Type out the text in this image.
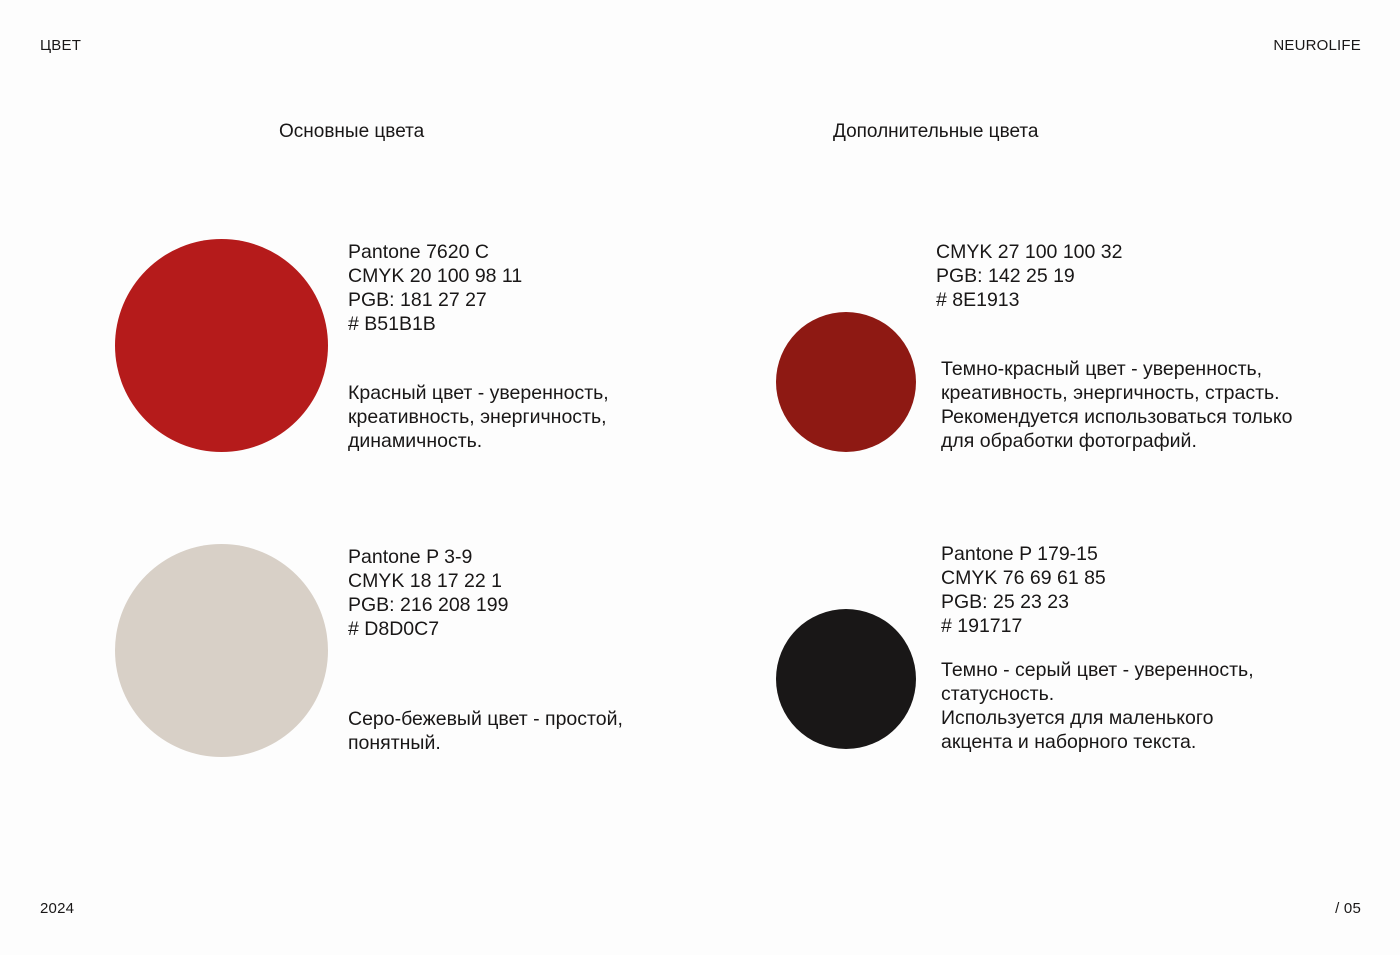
ЦВЕТ	NEUROLIFE
Основные цвета	Дополнительные цвета
Pantone 7620 C
CMYK 20 100 98 11
PGB: 181 27 27
# B51B1B
Красный цвет - уверенность,
креативность, энергичность,
динамичность.
Pantone P 3-9
CMYK 18 17 22 1
PGB: 216 208 199
# D8D0C7
Серо-бежевый цвет - простой,
понятный.
CMYK 27 100 100 32
PGB: 142 25 19
# 8E1913
Темно-красный цвет - уверенность,
креативность, энергичность, страсть.
Рекомендуется использоваться только
для обработки фотографий.
Pantone P 179-15
CMYK 76 69 61 85
PGB: 25 23 23
# 191717
Темно - серый цвет - уверенность,
статусность.
Используется для маленького
акцента и наборного текста.
2024	/ 05
